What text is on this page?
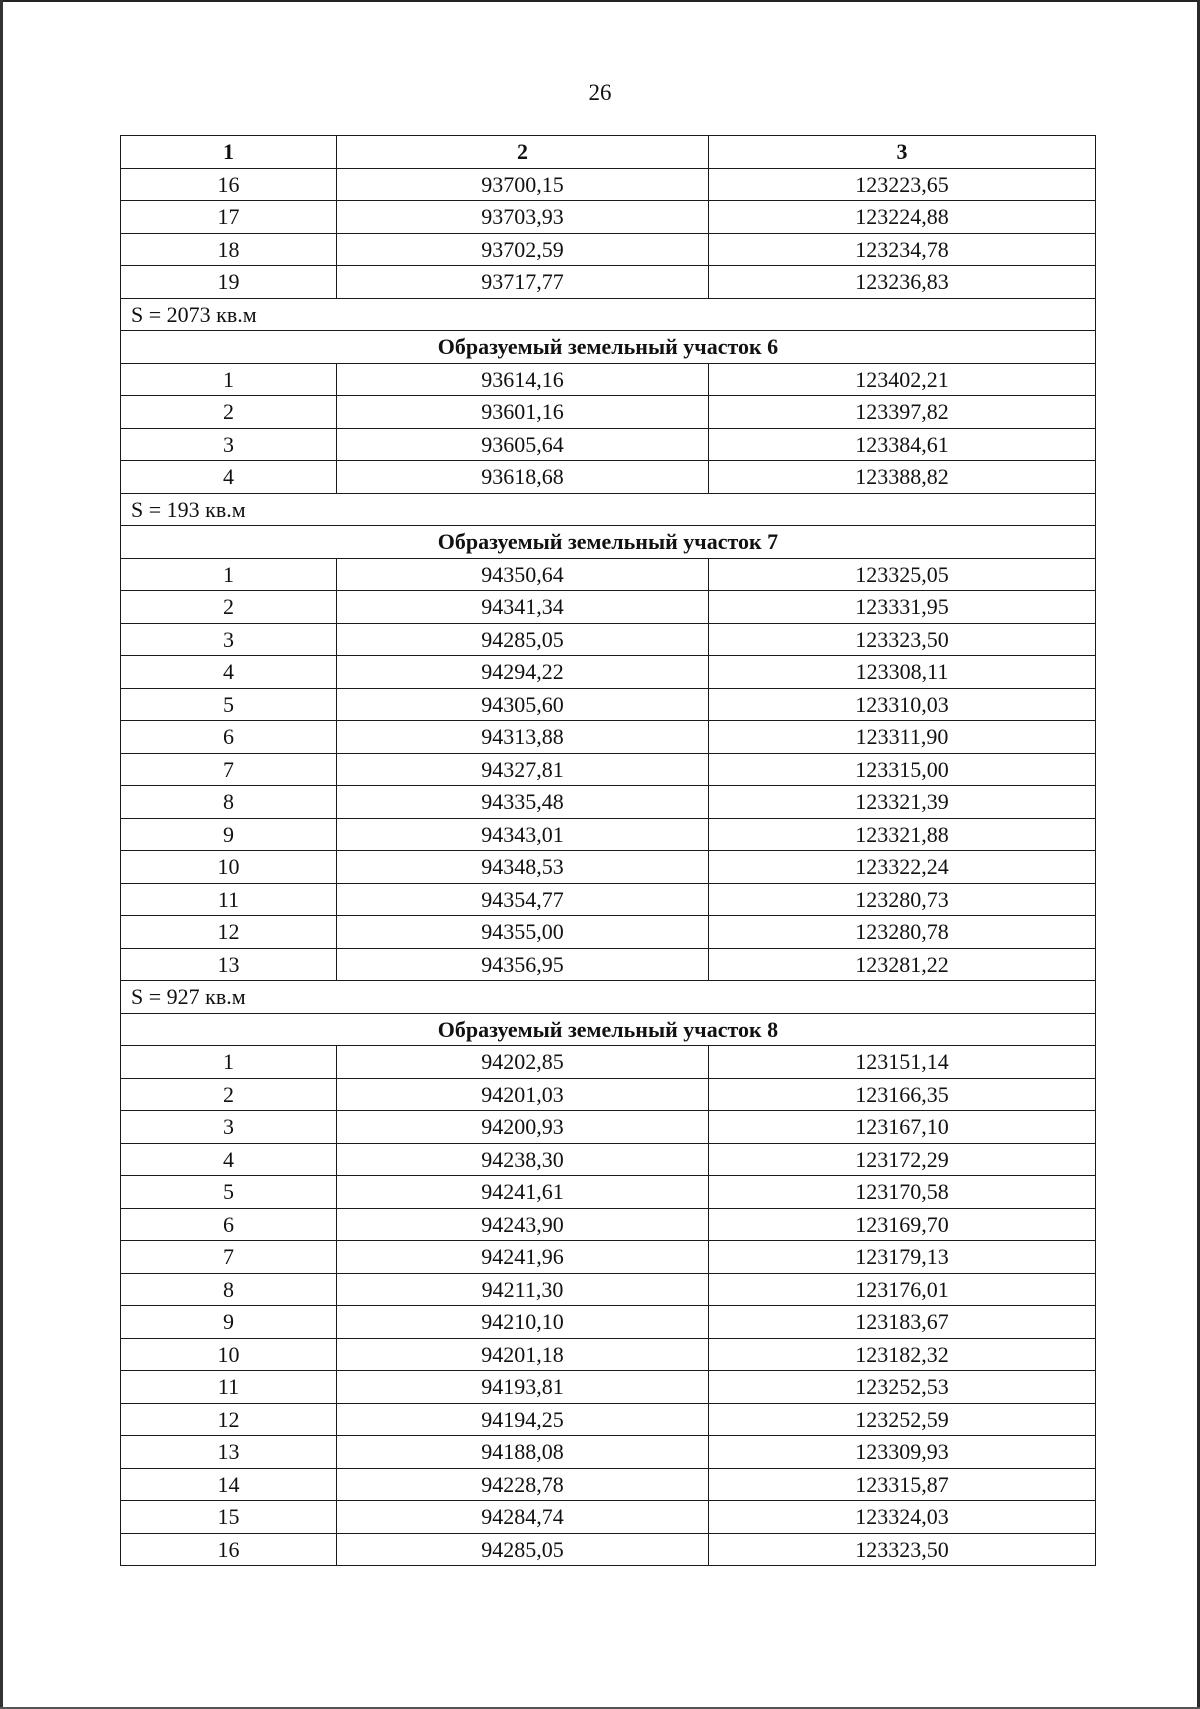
26
1	2	3
16	93700,15	123223,65
17	93703,93	123224,88
18	93702,59	123234,78
19	93717,77	123236,83
S = 2073 кв.м		
Образуемый земельный участок 6		
1	93614,16	123402,21
2	93601,16	123397,82
3	93605,64	123384,61
4	93618,68	123388,82
S = 193 кв.м		
Образуемый земельный участок 7		
1	94350,64	123325,05
2	94341,34	123331,95
3	94285,05	123323,50
4	94294,22	123308,11
5	94305,60	123310,03
6	94313,88	123311,90
7	94327,81	123315,00
8	94335,48	123321,39
9	94343,01	123321,88
10	94348,53	123322,24
11	94354,77	123280,73
12	94355,00	123280,78
13	94356,95	123281,22
S = 927 кв.м		
Образуемый земельный участок 8		
1	94202,85	123151,14
2	94201,03	123166,35
3	94200,93	123167,10
4	94238,30	123172,29
5	94241,61	123170,58
6	94243,90	123169,70
7	94241,96	123179,13
8	94211,30	123176,01
9	94210,10	123183,67
10	94201,18	123182,32
11	94193,81	123252,53
12	94194,25	123252,59
13	94188,08	123309,93
14	94228,78	123315,87
15	94284,74	123324,03
16	94285,05	123323,50
